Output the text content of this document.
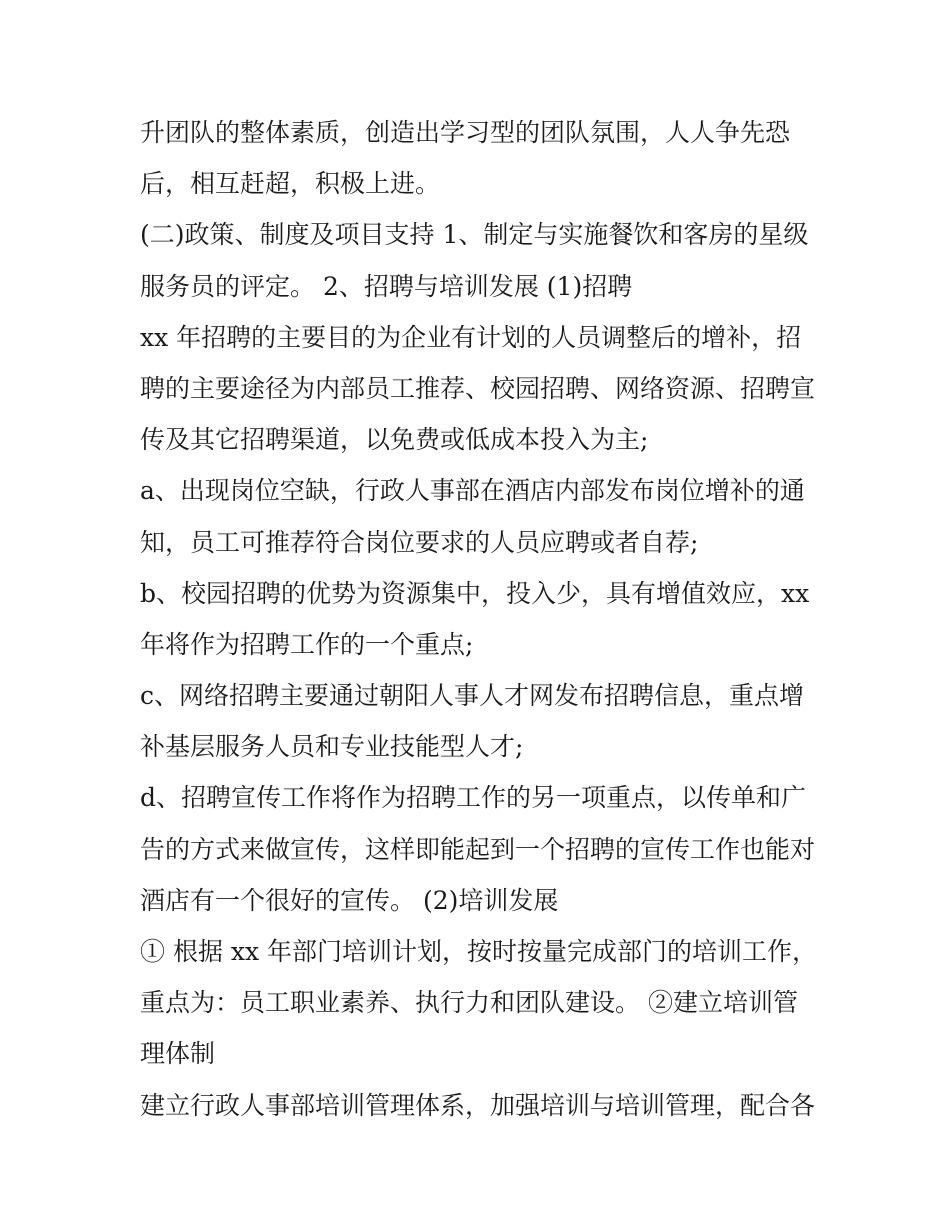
升团队的整体素质，创造出学习型的团队氛围，人人争先恐
后，相互赶超，积极上进。
(二)政策、制度及项目支持 1、制定与实施餐饮和客房的星级
服务员的评定。 2、招聘与培训发展 (1)招聘
xx 年招聘的主要目的为企业有计划的人员调整后的增补，招
聘的主要途径为内部员工推荐、校园招聘、网络资源、招聘宣
传及其它招聘渠道，以免费或低成本投入为主;
a、出现岗位空缺，行政人事部在酒店内部发布岗位增补的通
知，员工可推荐符合岗位要求的人员应聘或者自荐;
b、校园招聘的优势为资源集中，投入少，具有增值效应，xx
年将作为招聘工作的一个重点;
c、网络招聘主要通过朝阳人事人才网发布招聘信息，重点增
补基层服务人员和专业技能型人才;
d、招聘宣传工作将作为招聘工作的另一项重点，以传单和广
告的方式来做宣传，这样即能起到一个招聘的宣传工作也能对
酒店有一个很好的宣传。 (2)培训发展
① 根据 xx 年部门培训计划，按时按量完成部门的培训工作，
重点为：员工职业素养、执行力和团队建设。 ②建立培训管
理体制
建立行政人事部培训管理体系，加强培训与培训管理，配合各
